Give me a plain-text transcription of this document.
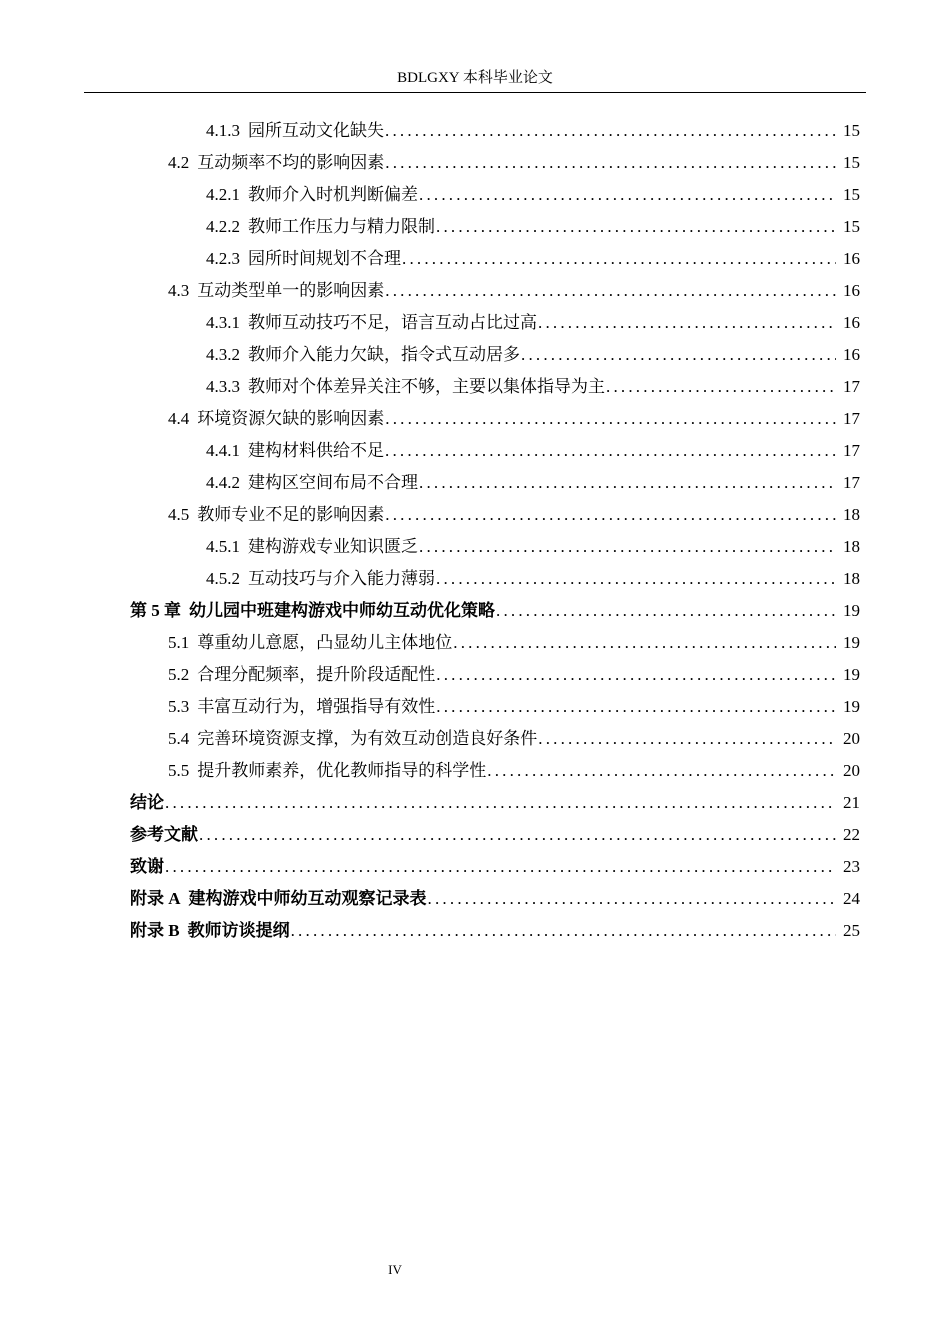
BDLGXY 本科毕业论文
4.1.3 园所互动文化缺失 .....	15
4.2 互动频率不均的影响因素 .....	15
4.2.1 教师介入时机判断偏差 .....	15
4.2.2 教师工作压力与精力限制 .....	15
4.2.3 园所时间规划不合理 .....	16
4.3 互动类型单一的影响因素 .....	16
4.3.1 教师互动技巧不足，语言互动占比过高 .....	16
4.3.2 教师介入能力欠缺，指令式互动居多 .....	16
4.3.3 教师对个体差异关注不够，主要以集体指导为主 .....	17
4.4 环境资源欠缺的影响因素 .....	17
4.4.1 建构材料供给不足 .....	17
4.4.2 建构区空间布局不合理 .....	17
4.5 教师专业不足的影响因素 .....	18
4.5.1 建构游戏专业知识匮乏 .....	18
4.5.2 互动技巧与介入能力薄弱 .....	18
第 5 章 幼儿园中班建构游戏中师幼互动优化策略 .....	19
5.1 尊重幼儿意愿，凸显幼儿主体地位 .....	19
5.2 合理分配频率，提升阶段适配性 .....	19
5.3 丰富互动行为，增强指导有效性 .....	19
5.4 完善环境资源支撑，为有效互动创造良好条件 .....	20
5.5 提升教师素养，优化教师指导的科学性 .....	20
结论 .....	21
参考文献 .....	22
致谢 .....	23
附录 A 建构游戏中师幼互动观察记录表 .....	24
附录 B 教师访谈提纲 .....	25
IV
